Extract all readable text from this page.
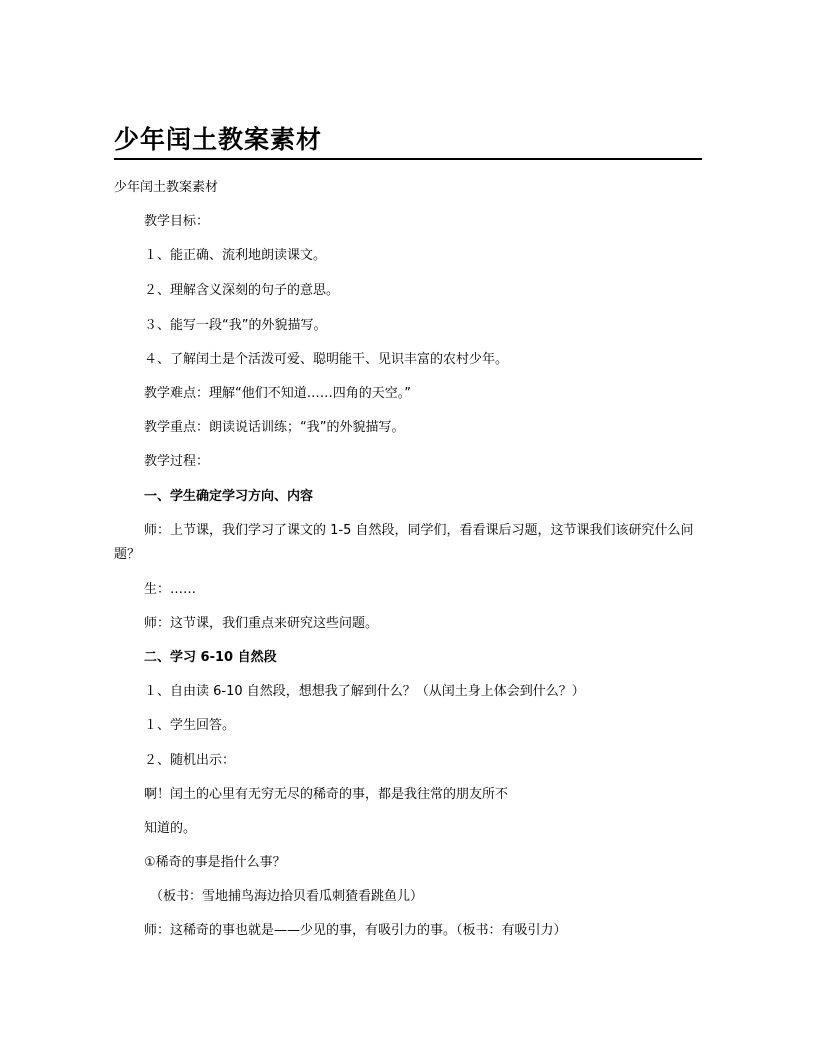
少年闰土教案素材
少年闰土教案素材
教学目标：
１、能正确、流利地朗读课文。
２、理解含义深刻的句子的意思。
３、能写一段“我”的外貌描写。
４、了解闰土是个活泼可爱、聪明能干、见识丰富的农村少年。
教学难点：理解“他们不知道……四角的天空。”
教学重点：朗读说话训练；“我”的外貌描写。
教学过程：
一、学生确定学习方向、内容
师：上节课，我们学习了课文的 1-5 自然段，同学们，看看课后习题，这节课我们该研究什么问题？
生：……
师：这节课，我们重点来研究这些问题。
二、学习 6-10 自然段
１、自由读 6-10 自然段，想想我了解到什么？（从闰土身上体会到什么？）
１、学生回答。
２、随机出示：
啊！闰土的心里有无穷无尽的稀奇的事，都是我往常的朋友所不
知道的。
①稀奇的事是指什么事？
（板书：雪地捕鸟海边拾贝看瓜刺猹看跳鱼儿）
师：这稀奇的事也就是——少见的事，有吸引力的事。（板书：有吸引力）
